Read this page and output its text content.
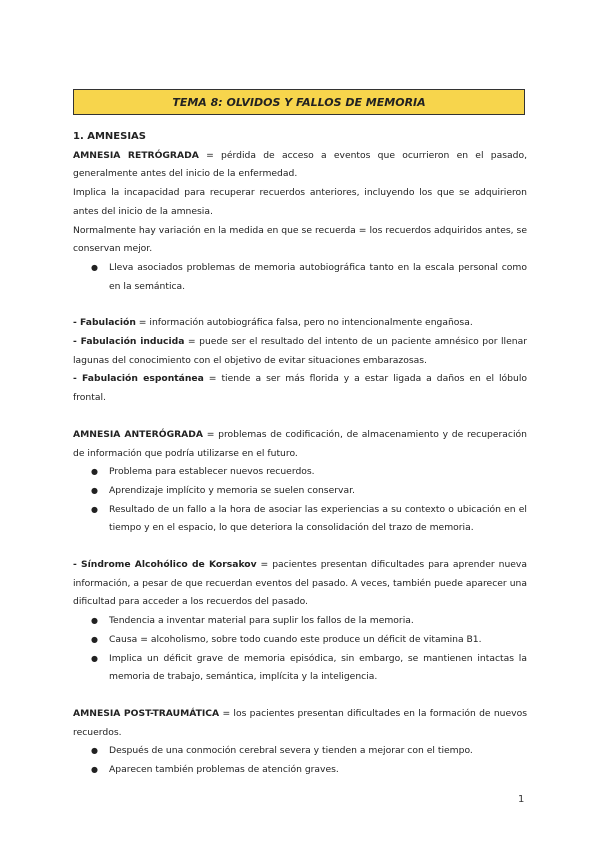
TEMA 8: OLVIDOS Y FALLOS DE MEMORIA

1. AMNESIAS

AMNESIA RETRÓGRADA = pérdida de acceso a eventos que ocurrieron en el pasado, generalmente antes del inicio de la enfermedad.

Implica la incapacidad para recuperar recuerdos anteriores, incluyendo los que se adquirieron antes del inicio de la amnesia.

Normalmente hay variación en la medida en que se recuerda = los recuerdos adquiridos antes, se conservan mejor.

● Lleva asociados problemas de memoria autobiográfica tanto en la escala personal como en la semántica.

- Fabulación = información autobiográfica falsa, pero no intencionalmente engañosa.

- Fabulación inducida = puede ser el resultado del intento de un paciente amnésico por llenar lagunas del conocimiento con el objetivo de evitar situaciones embarazosas.

- Fabulación espontánea = tiende a ser más florida y a estar ligada a daños en el lóbulo frontal.

AMNESIA ANTERÓGRADA = problemas de codificación, de almacenamiento y de recuperación de información que podría utilizarse en el futuro.

● Problema para establecer nuevos recuerdos.
● Aprendizaje implícito y memoria se suelen conservar.
● Resultado de un fallo a la hora de asociar las experiencias a su contexto o ubicación en el tiempo y en el espacio, lo que deteriora la consolidación del trazo de memoria.

- Síndrome Alcohólico de Korsakov = pacientes presentan dificultades para aprender nueva información, a pesar de que recuerdan eventos del pasado. A veces, también puede aparecer una dificultad para acceder a los recuerdos del pasado.

● Tendencia a inventar material para suplir los fallos de la memoria.
● Causa = alcoholismo, sobre todo cuando este produce un déficit de vitamina B1.
● Implica un déficit grave de memoria episódica, sin embargo, se mantienen intactas la memoria de trabajo, semántica, implícita y la inteligencia.

AMNESIA POST-TRAUMÁTICA = los pacientes presentan dificultades en la formación de nuevos recuerdos.

● Después de una conmoción cerebral severa y tienden a mejorar con el tiempo.
● Aparecen también problemas de atención graves.
1
